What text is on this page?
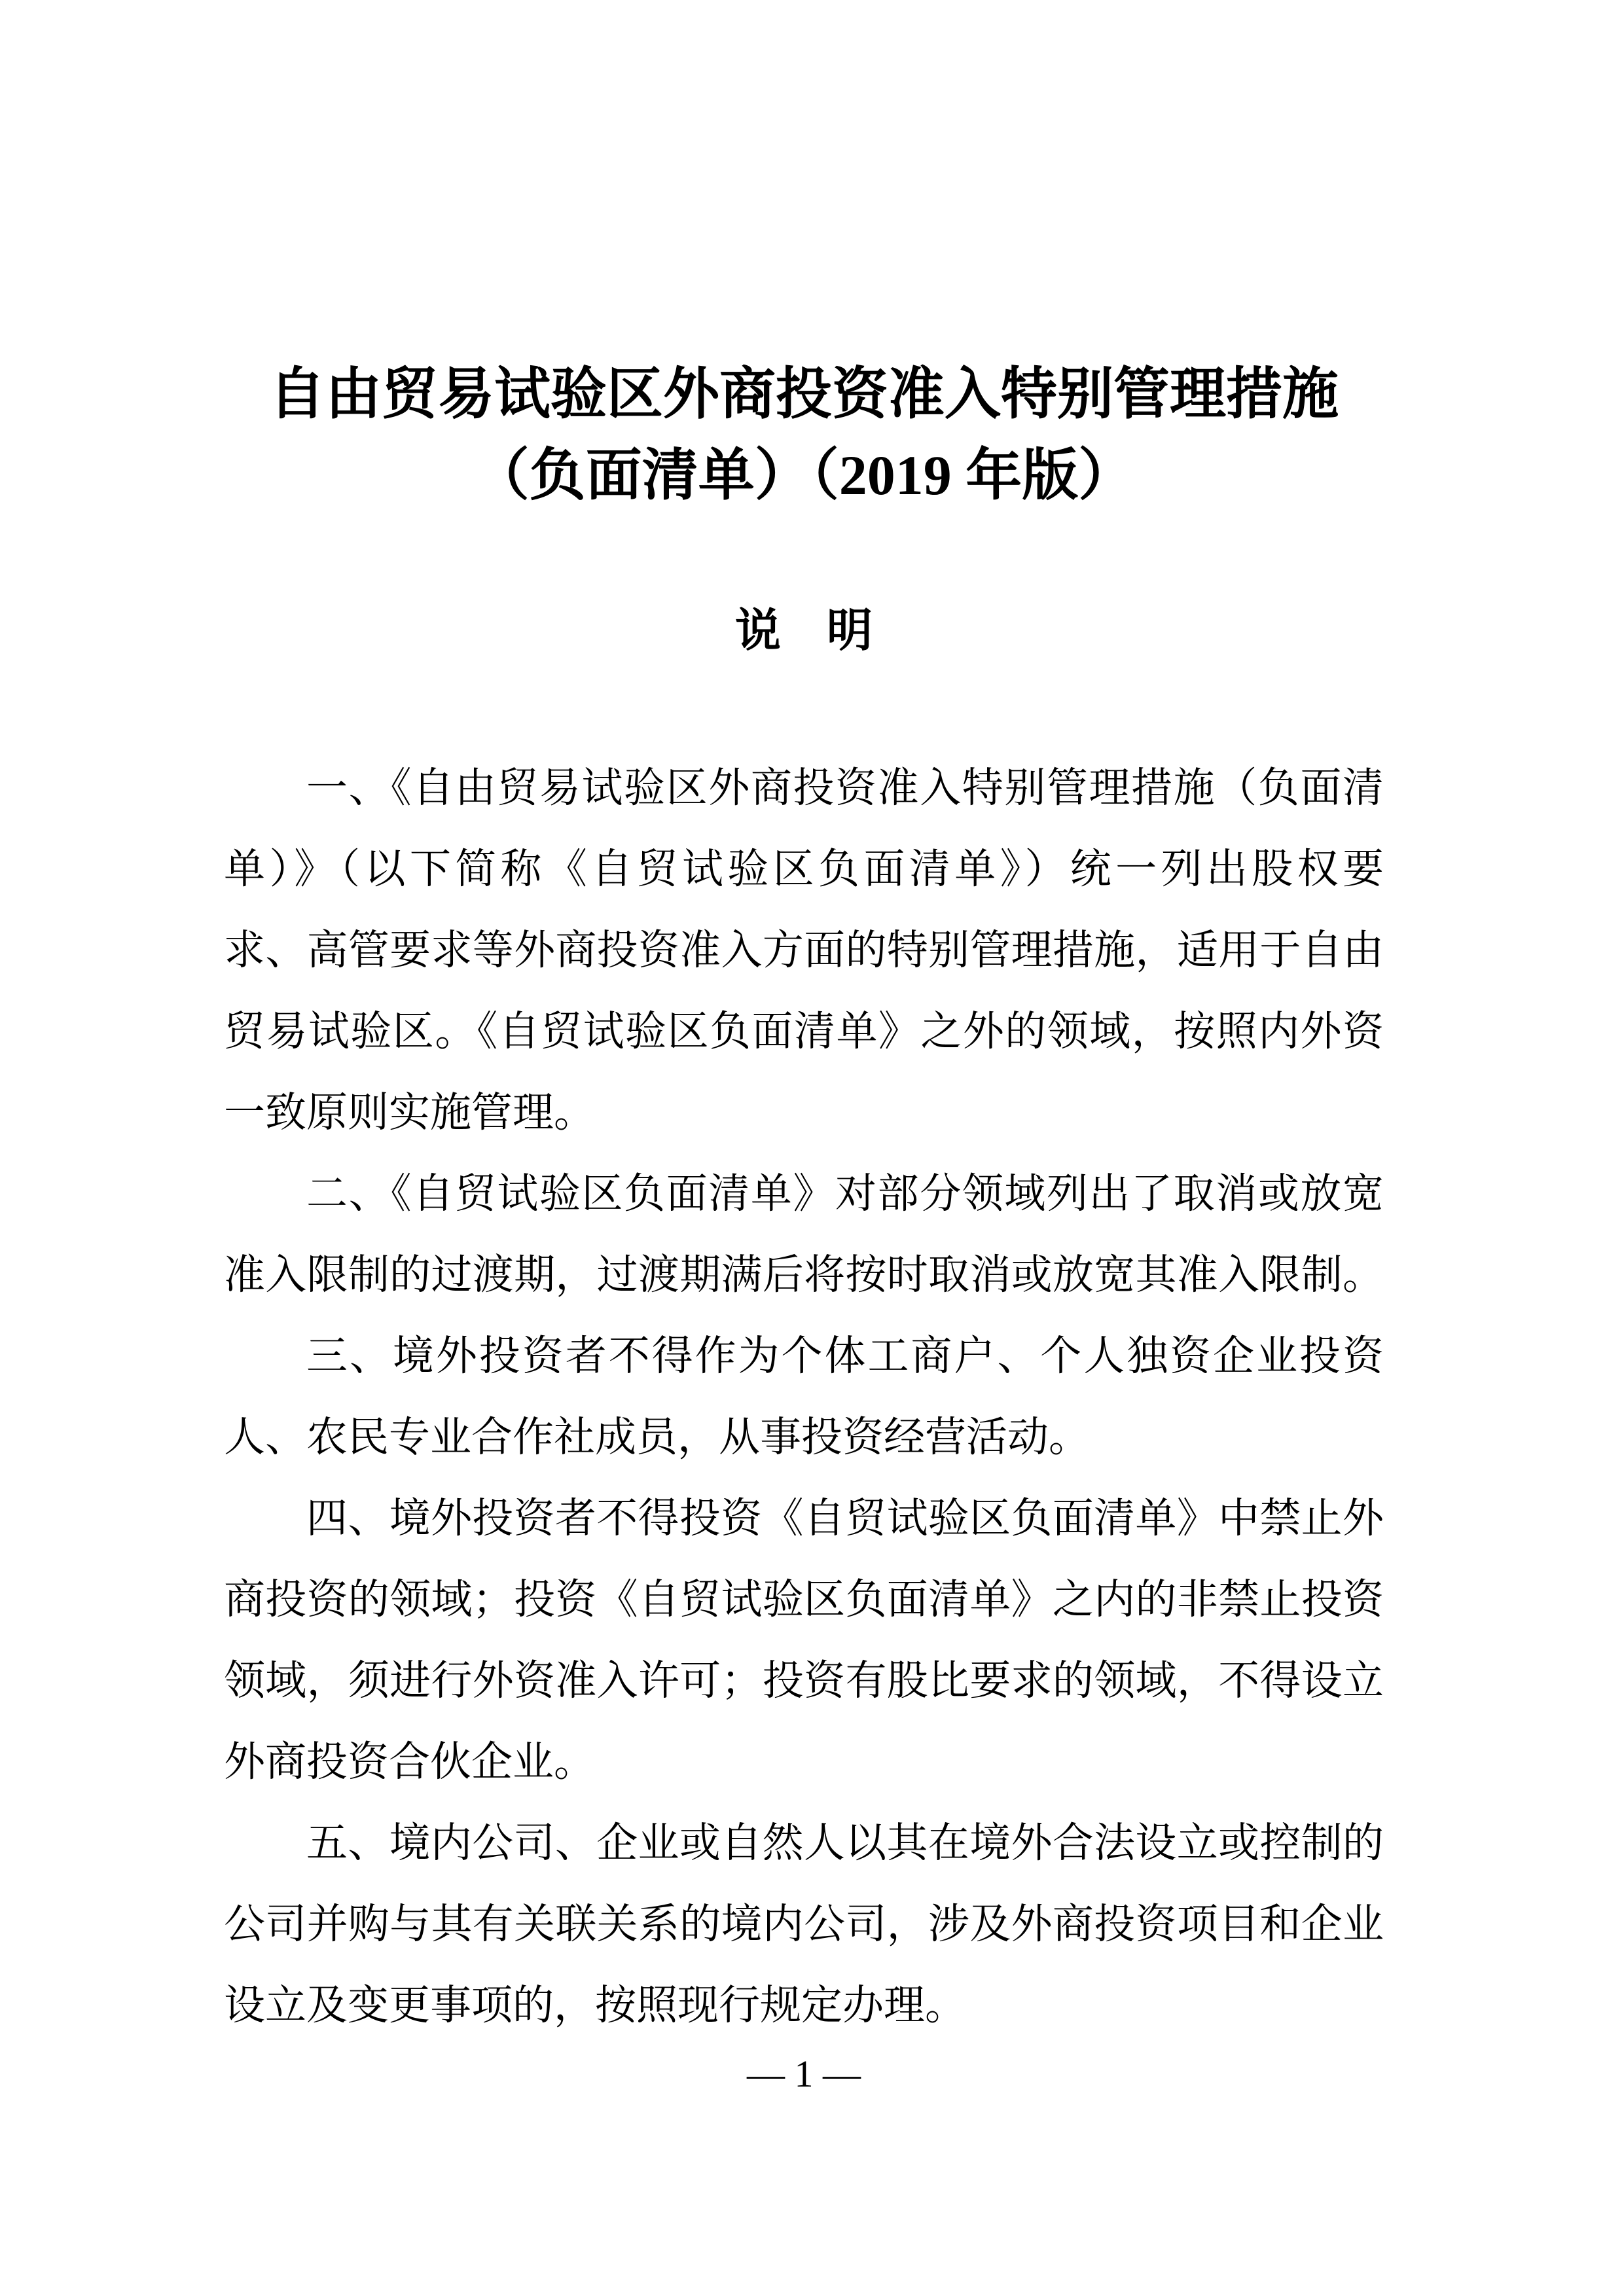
自由贸易试验区外商投资准入特别管理措施
（负面清单）（2019 年版）
说　明
一、《自由贸易试验区外商投资准入特别管理措施（负面清
单）》（以下简称《自贸试验区负面清单》）统一列出股权要
求、高管要求等外商投资准入方面的特别管理措施，适用于自由
贸易试验区。《自贸试验区负面清单》之外的领域，按照内外资
一致原则实施管理。
二、《自贸试验区负面清单》对部分领域列出了取消或放宽
准入限制的过渡期，过渡期满后将按时取消或放宽其准入限制。
三、境外投资者不得作为个体工商户、个人独资企业投资
人、农民专业合作社成员，从事投资经营活动。
四、境外投资者不得投资《自贸试验区负面清单》中禁止外
商投资的领域；投资《自贸试验区负面清单》之内的非禁止投资
领域，须进行外资准入许可；投资有股比要求的领域，不得设立
外商投资合伙企业。
五、境内公司、企业或自然人以其在境外合法设立或控制的
公司并购与其有关联关系的境内公司，涉及外商投资项目和企业
设立及变更事项的，按照现行规定办理。
— 1 —
